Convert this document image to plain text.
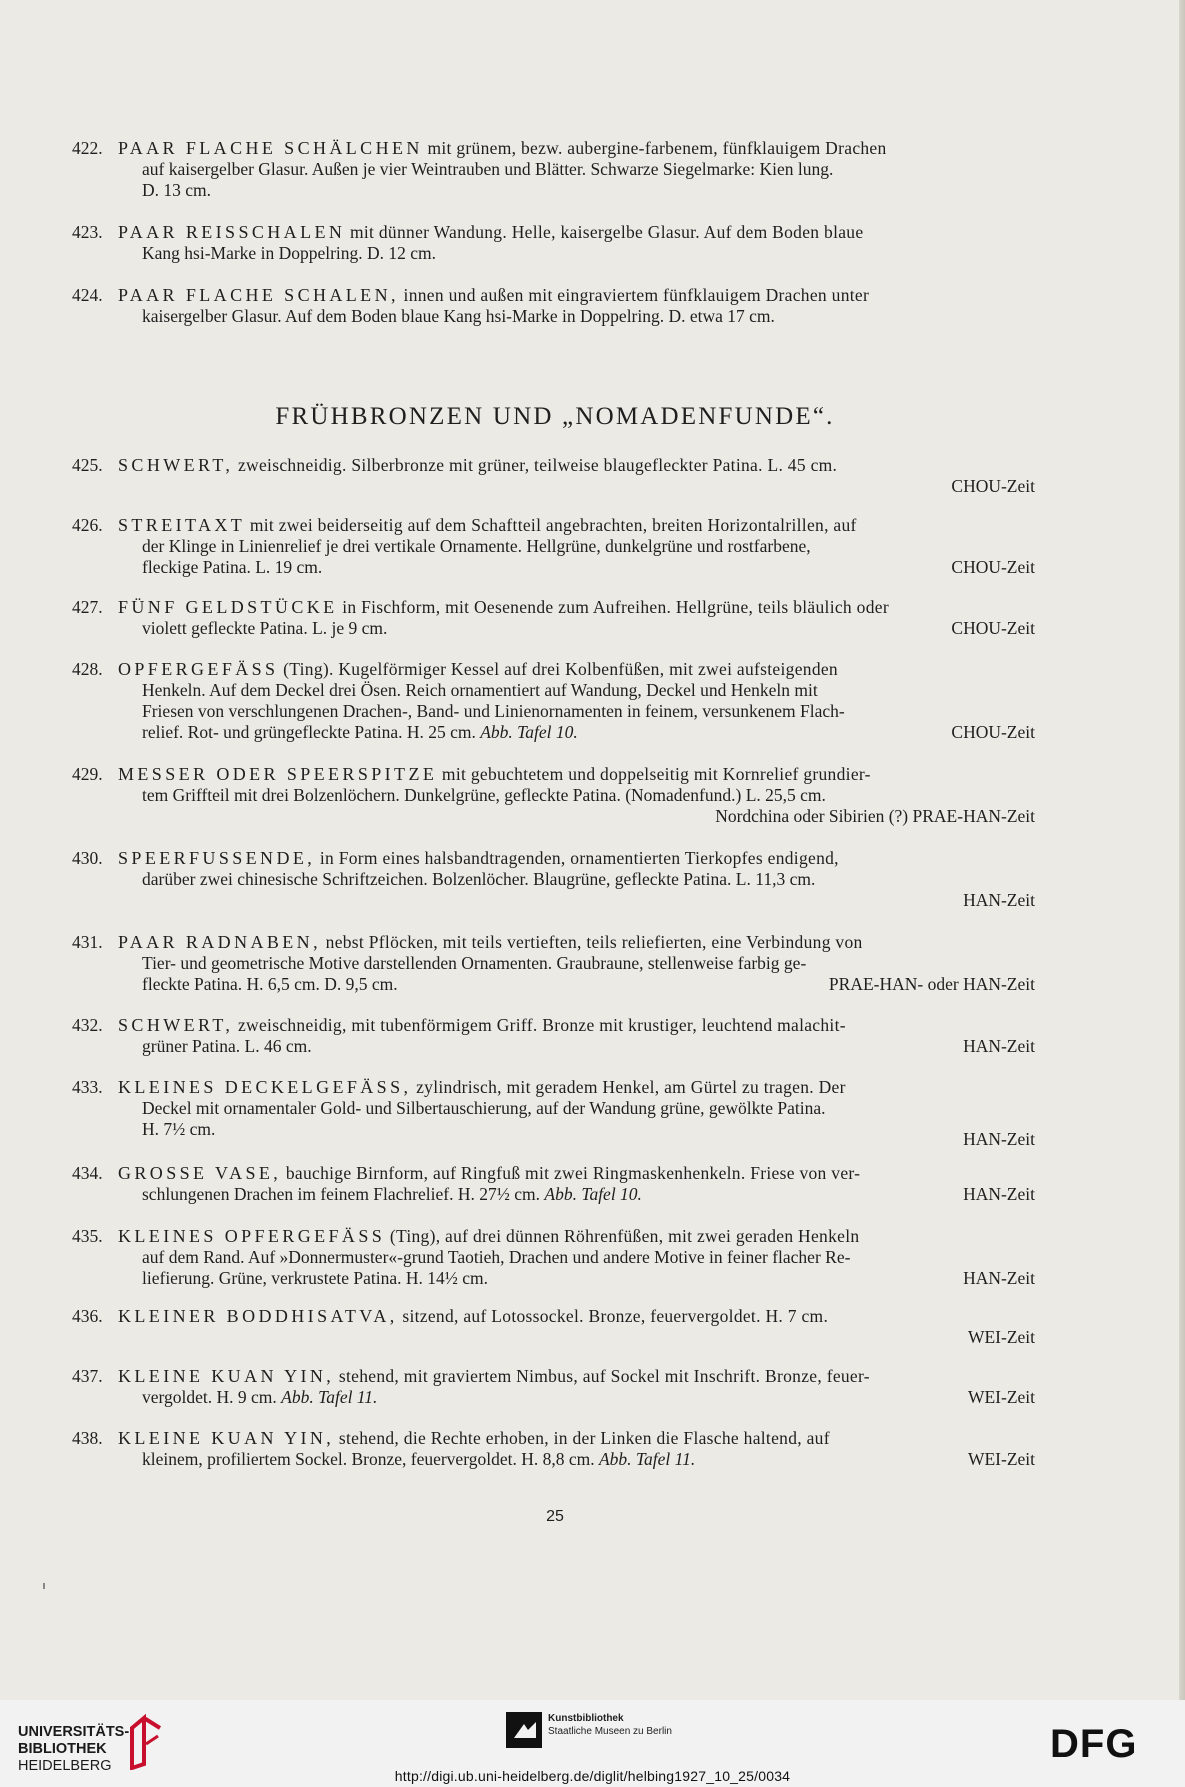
422. PAAR FLACHE SCHÄLCHEN mit grünem, bezw. aubergine-farbenem, fünfklauigem Drachen
auf kaisergelber Glasur. Außen je vier Weintrauben und Blätter. Schwarze Siegelmarke: Kien lung.
D. 13 cm.
423. PAAR REISSCHALEN mit dünner Wandung. Helle, kaisergelbe Glasur. Auf dem Boden blaue
Kang hsi-Marke in Doppelring. D. 12 cm.
424. PAAR FLACHE SCHALEN, innen und außen mit eingraviertem fünfklauigem Drachen unter
kaisergelber Glasur. Auf dem Boden blaue Kang hsi-Marke in Doppelring. D. etwa 17 cm.
FRÜHBRONZEN UND „NOMADENFUNDE“.
425. SCHWERT, zweischneidig. Silberbronze mit grüner, teilweise blaugefleckter Patina. L. 45 cm.
CHOU-Zeit
426. STREITAXT mit zwei beiderseitig auf dem Schaftteil angebrachten, breiten Horizontalrillen, auf
der Klinge in Linienrelief je drei vertikale Ornamente. Hellgrüne, dunkelgrüne und rostfarbene,
fleckige Patina. L. 19 cm.	CHOU-Zeit
427. FÜNF GELDSTÜCKE in Fischform, mit Oesenende zum Aufreihen. Hellgrüne, teils bläulich oder
violett gefleckte Patina. L. je 9 cm.	CHOU-Zeit
428. OPFERGEFÄSS (Ting). Kugelförmiger Kessel auf drei Kolbenfüßen, mit zwei aufsteigenden
Henkeln. Auf dem Deckel drei Ösen. Reich ornamentiert auf Wandung, Deckel und Henkeln mit
Friesen von verschlungenen Drachen-, Band- und Linienornamenten in feinem, versunkenem Flach-
relief. Rot- und grüngefleckte Patina. H. 25 cm. Abb. Tafel 10.	CHOU-Zeit
429. MESSER ODER SPEERSPITZE mit gebuchtetem und doppelseitig mit Kornrelief grundier-
tem Griffteil mit drei Bolzenlöchern. Dunkelgrüne, gefleckte Patina. (Nomadenfund.) L. 25,5 cm.
Nordchina oder Sibirien (?) PRAE-HAN-Zeit
430. SPEERFUSSENDE, in Form eines halsbandtragenden, ornamentierten Tierkopfes endigend,
darüber zwei chinesische Schriftzeichen. Bolzenlöcher. Blaugrüne, gefleckte Patina. L. 11,3 cm.
HAN-Zeit
431. PAAR RADNABEN, nebst Pflöcken, mit teils vertieften, teils reliefierten, eine Verbindung von
Tier- und geometrische Motive darstellenden Ornamenten. Graubraune, stellenweise farbig ge-
fleckte Patina. H. 6,5 cm. D. 9,5 cm.	PRAE-HAN- oder HAN-Zeit
432. SCHWERT, zweischneidig, mit tubenförmigem Griff. Bronze mit krustiger, leuchtend malachit-
grüner Patina. L. 46 cm.	HAN-Zeit
433. KLEINES DECKELGEFÄSS, zylindrisch, mit geradem Henkel, am Gürtel zu tragen. Der
Deckel mit ornamentaler Gold- und Silbertauschierung, auf der Wandung grüne, gewölkte Patina.
H. 7½ cm.	HAN-Zeit
434. GROSSE VASE, bauchige Birnform, auf Ringfuß mit zwei Ringmaskenhenkeln. Friese von ver-
schlungenen Drachen im feinem Flachrelief. H. 27½ cm. Abb. Tafel 10.	HAN-Zeit
435. KLEINES OPFERGEFÄSS (Ting), auf drei dünnen Röhrenfüßen, mit zwei geraden Henkeln
auf dem Rand. Auf »Donnermuster«-grund Taotieh, Drachen und andere Motive in feiner flacher Re-
liefierung. Grüne, verkrustete Patina. H. 14½ cm.	HAN-Zeit
436. KLEINER BODDHISATVA, sitzend, auf Lotossockel. Bronze, feuervergoldet. H. 7 cm.
WEI-Zeit
437. KLEINE KUAN YIN, stehend, mit graviertem Nimbus, auf Sockel mit Inschrift. Bronze, feuer-
vergoldet. H. 9 cm. Abb. Tafel 11.	WEI-Zeit
438. KLEINE KUAN YIN, stehend, die Rechte erhoben, in der Linken die Flasche haltend, auf
kleinem, profiliertem Sockel. Bronze, feuervergoldet. H. 8,8 cm. Abb. Tafel 11.	WEI-Zeit
25
UNIVERSITÄTS-
BIBLIOTHEK
HEIDELBERG
Kunstbibliothek
Staatliche Museen zu Berlin	DFG
http://digi.ub.uni-heidelberg.de/diglit/helbing1927_10_25/0034
